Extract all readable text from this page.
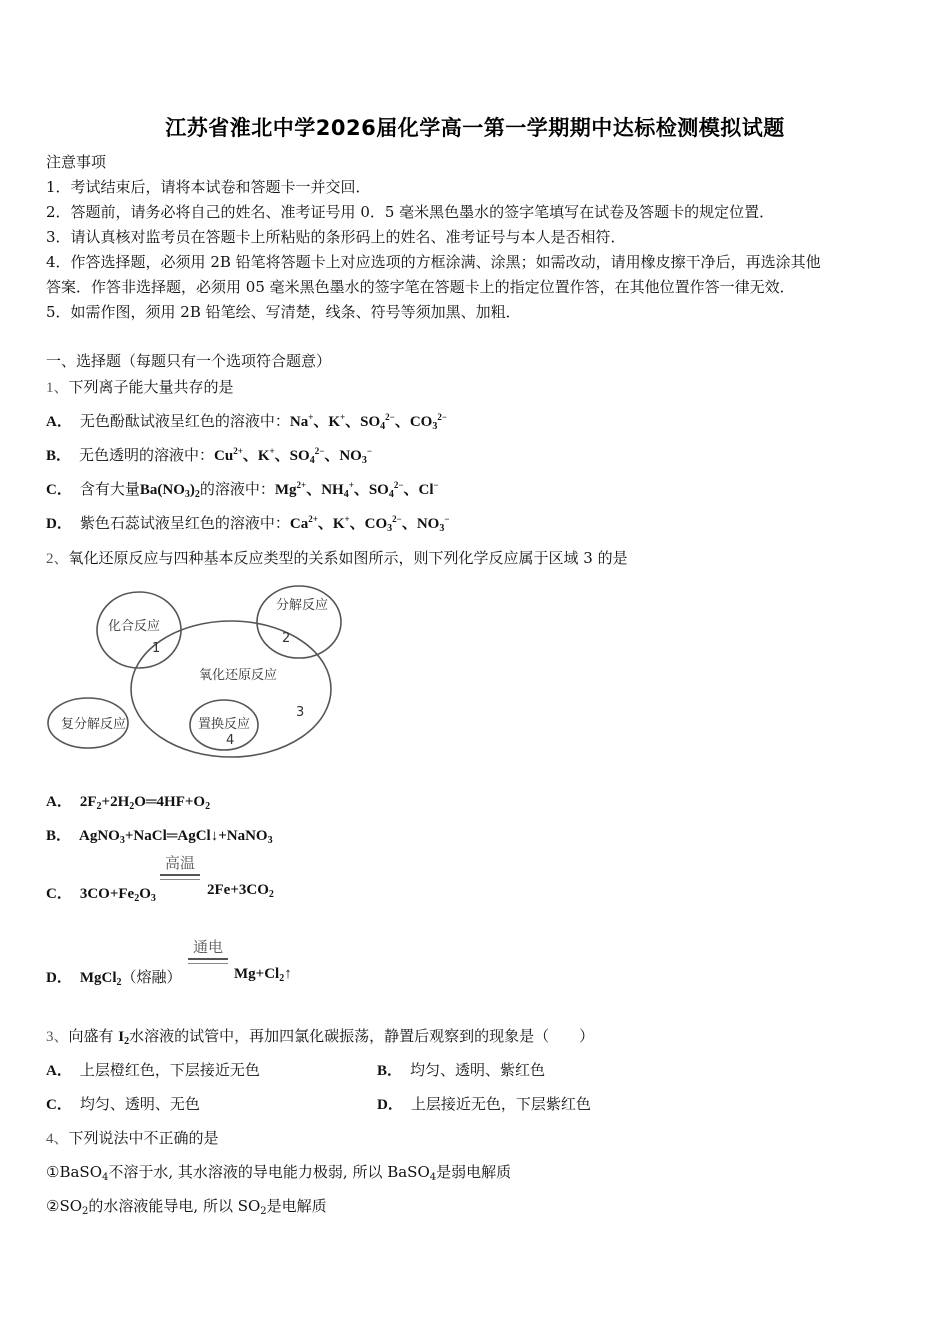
江苏省淮北中学2026届化学高一第一学期期中达标检测模拟试题
注意事项
1．考试结束后，请将本试卷和答题卡一并交回．
2．答题前，请务必将自己的姓名、准考证号用 0．5 毫米黑色墨水的签字笔填写在试卷及答题卡的规定位置．
3．请认真核对监考员在答题卡上所粘贴的条形码上的姓名、准考证号与本人是否相符．
4．作答选择题，必须用 2B 铅笔将答题卡上对应选项的方框涂满、涂黑；如需改动，请用橡皮擦干净后，再选涂其他
答案．作答非选择题，必须用 05 毫米黑色墨水的签字笔在答题卡上的指定位置作答，在其他位置作答一律无效．
5．如需作图，须用 2B 铅笔绘、写清楚，线条、符号等须加黑、加粗．
一、选择题（每题只有一个选项符合题意）
1、下列离子能大量共存的是
A． 无色酚酞试液呈红色的溶液中：Na+、K+、$SO_4^{2-}$、$CO_3^{2-}$
B． 无色透明的溶液中：$Cu^{2+}$、K+、$SO_4^{2-}$、$NO_3^-$
C． 含有大量$Ba(NO_3)_2$的溶液中：$Mg^{2+}$、$NH_4^+$、$SO_4^{2-}$、Cl−
D． 紫色石蕊试液呈红色的溶液中：$Ca^{2+}$、K+、$CO_3^{2-}$、$NO_3^-$
2、氧化还原反应与四种基本反应类型的关系如图所示，则下列化学反应属于区域 3 的是
化合反应
分解反应
氧化还原反应
复分解反应	置换反应
1
2
3
4
A． $2F_2+2H_2O═4HF+O_2$
B． AgNO$_3$+NaCl═AgCl↓+NaNO$_3$
高温
C． $3CO+Fe_2O_3$
$2Fe+3CO_2$
通电
D． MgCl$_2$（熔融）	$Mg+Cl_2↑$
3、向盛有 $I_2$水溶液的试管中，再加四氯化碳振荡，静置后观察到的现象是（　　）
A． 上层橙红色，下层接近无色	B． 均匀、透明、紫红色
C． 均匀、透明、无色	D． 上层接近无色，下层紫红色
4、下列说法中不正确的是
①BaSO$_4$不溶于水, 其水溶液的导电能力极弱, 所以 BaSO$_4$是弱电解质
$②SO_2$的水溶液能导电, 所以 $SO_2$是电解质
